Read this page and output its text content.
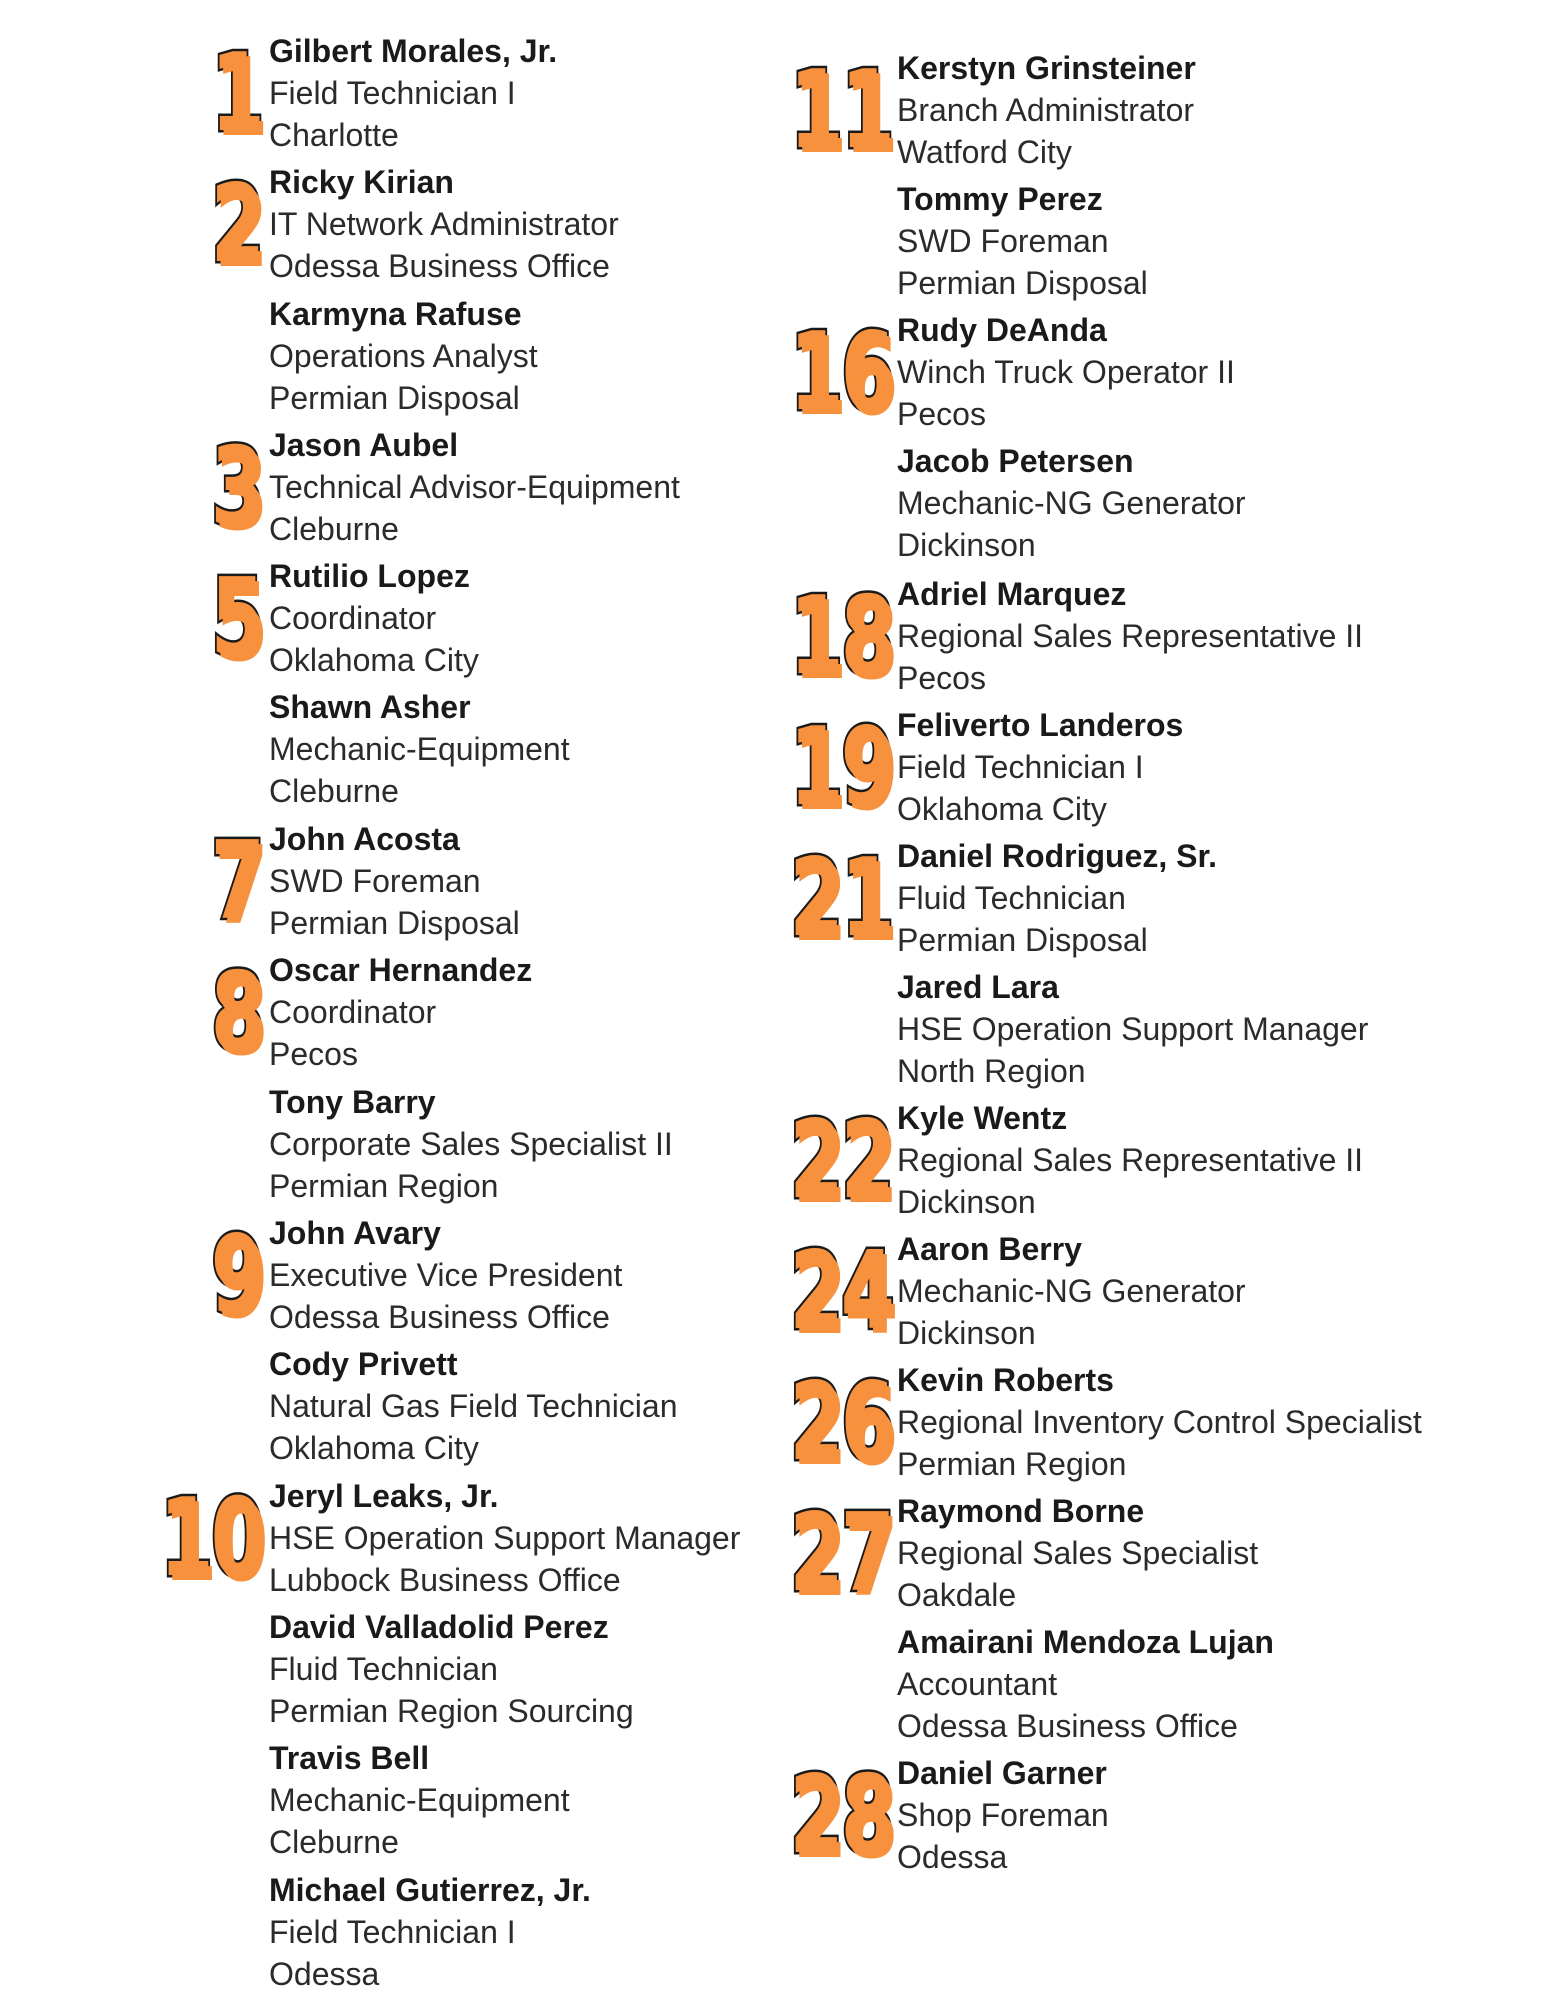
1 Gilbert Morales, Jr.
Field Technician I
Charlotte
2 Ricky Kirian
IT Network Administrator
Odessa Business Office
Karmyna Rafuse
Operations Analyst
Permian Disposal
3 Jason Aubel
Technical Advisor-Equipment
Cleburne
5 Rutilio Lopez
Coordinator
Oklahoma City
Shawn Asher
Mechanic-Equipment
Cleburne
7 John Acosta
SWD Foreman
Permian Disposal
8 Oscar Hernandez
Coordinator
Pecos
Tony Barry
Corporate Sales Specialist II
Permian Region
9 John Avary
Executive Vice President
Odessa Business Office
Cody Privett
Natural Gas Field Technician
Oklahoma City
10 Jeryl Leaks, Jr.
HSE Operation Support Manager
Lubbock Business Office
David Valladolid Perez
Fluid Technician
Permian Region Sourcing
Travis Bell
Mechanic-Equipment
Cleburne
Michael Gutierrez, Jr.
Field Technician I
Odessa
11 Kerstyn Grinsteiner
Branch Administrator
Watford City
Tommy Perez
SWD Foreman
Permian Disposal
16 Rudy DeAnda
Winch Truck Operator II
Pecos
Jacob Petersen
Mechanic-NG Generator
Dickinson
18 Adriel Marquez
Regional Sales Representative II
Pecos
19 Feliverto Landeros
Field Technician I
Oklahoma City
21 Daniel Rodriguez, Sr.
Fluid Technician
Permian Disposal
Jared Lara
HSE Operation Support Manager
North Region
22 Kyle Wentz
Regional Sales Representative II
Dickinson
24 Aaron Berry
Mechanic-NG Generator
Dickinson
26 Kevin Roberts
Regional Inventory Control Specialist
Permian Region
27 Raymond Borne
Regional Sales Specialist
Oakdale
Amairani Mendoza Lujan
Accountant
Odessa Business Office
28 Daniel Garner
Shop Foreman
Odessa
